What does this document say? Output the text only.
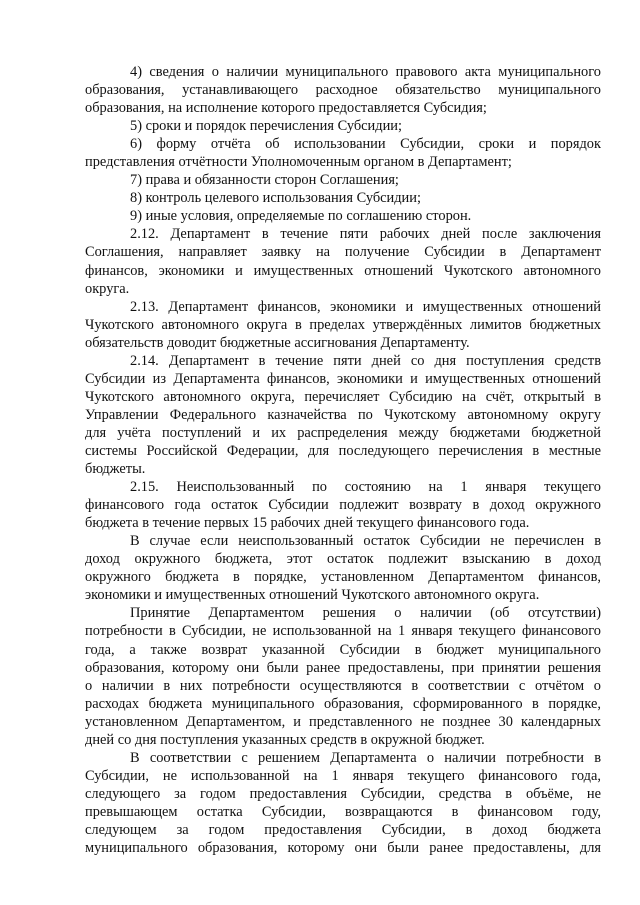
4) сведения о наличии муниципального правового акта муниципального
образования, устанавливающего расходное обязательство муниципального
образования, на исполнение которого предоставляется Субсидия;
5) сроки и порядок перечисления Субсидии;
6) форму отчёта об использовании Субсидии, сроки и порядок
представления отчётности Уполномоченным органом в Департамент;
7) права и обязанности сторон Соглашения;
8) контроль целевого использования Субсидии;
9) иные условия, определяемые по соглашению сторон.
2.12. Департамент в течение пяти рабочих дней после заключения
Соглашения, направляет заявку на получение Субсидии в Департамент
финансов, экономики и имущественных отношений Чукотского автономного
округа.
2.13. Департамент финансов, экономики и имущественных отношений
Чукотского автономного округа в пределах утверждённых лимитов бюджетных
обязательств доводит бюджетные ассигнования Департаменту.
2.14. Департамент в течение пяти дней со дня поступления средств
Субсидии из Департамента финансов, экономики и имущественных отношений
Чукотского автономного округа, перечисляет Субсидию на счёт, открытый в
Управлении Федерального казначейства по Чукотскому автономному округу
для учёта поступлений и их распределения между бюджетами бюджетной
системы Российской Федерации, для последующего перечисления в местные
бюджеты.
2.15. Неиспользованный по состоянию на 1 января текущего
финансового года остаток Субсидии подлежит возврату в доход окружного
бюджета в течение первых 15 рабочих дней текущего финансового года.
В случае если неиспользованный остаток Субсидии не перечислен в
доход окружного бюджета, этот остаток подлежит взысканию в доход
окружного бюджета в порядке, установленном Департаментом финансов,
экономики и имущественных отношений Чукотского автономного округа.
Принятие Департаментом решения о наличии (об отсутствии)
потребности в Субсидии, не использованной на 1 января текущего финансового
года, а также возврат указанной Субсидии в бюджет муниципального
образования, которому они были ранее предоставлены, при принятии решения
о наличии в них потребности осуществляются в соответствии с отчётом о
расходах бюджета муниципального образования, сформированного в порядке,
установленном Департаментом, и представленного не позднее 30 календарных
дней со дня поступления указанных средств в окружной бюджет.
В соответствии с решением Департамента о наличии потребности в
Субсидии, не использованной на 1 января текущего финансового года,
следующего за годом предоставления Субсидии, средства в объёме, не
превышающем остатка Субсидии, возвращаются в финансовом году,
следующем за годом предоставления Субсидии, в доход бюджета
муниципального образования, которому они были ранее предоставлены, для
